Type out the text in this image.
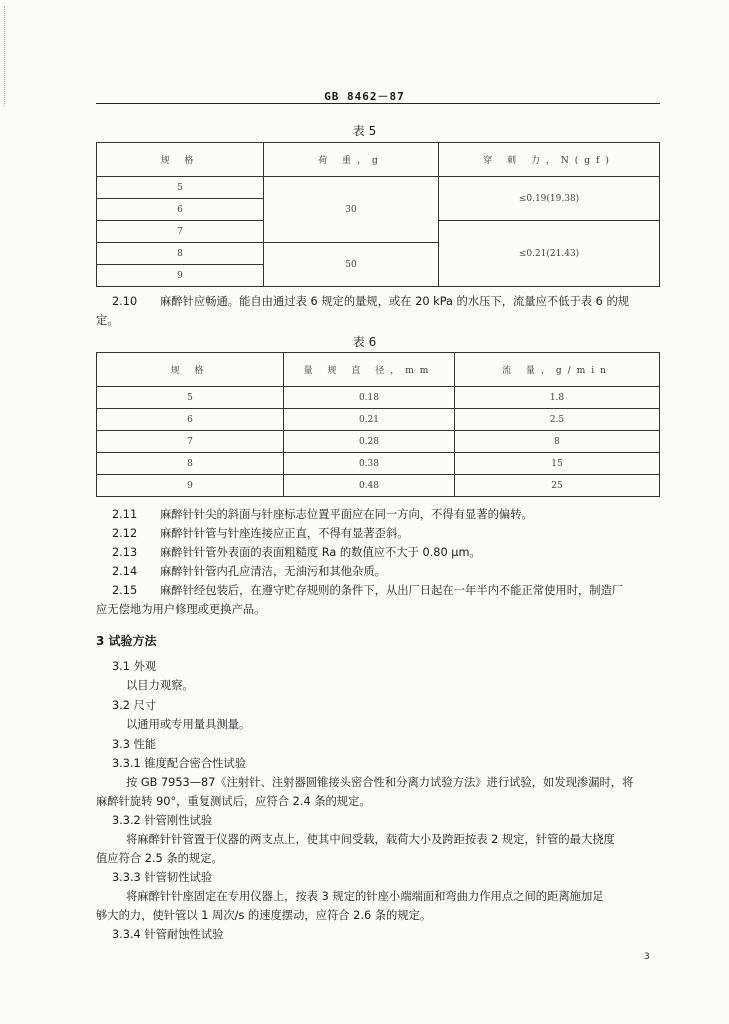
GB 8462－87
表 5
规 格	荷 重，g	穿 刺 力，N(gf)
5	30	≤0.19(19.38)
6		
7		≤0.21(21.43)
8	50	
9		
2.10 麻醉针应畅通。能自由通过表 6 规定的量规，或在 20 kPa 的水压下，流量应不低于表 6 的规
定。
表 6
规 格	量 规 直 径，mm	流 量，g/min
5	0.18	1.8
6	0.21	2.5
7	0.28	8
8	0.38	15
9	0.48	25
2.11 麻醉针针尖的斜面与针座标志位置平面应在同一方向，不得有显著的偏转。
2.12 麻醉针针管与针座连接应正直，不得有显著歪斜。
2.13 麻醉针针管外表面的表面粗糙度 Ra 的数值应不大于 0.80 μm。
2.14 麻醉针针管内孔应清洁，无油污和其他杂质。
2.15 麻醉针经包装后，在遵守贮存规则的条件下，从出厂日起在一年半内不能正常使用时，制造厂
应无偿地为用户修理或更换产品。
3 试验方法
3.1 外观
以目力观察。
3.2 尺寸
以通用或专用量具测量。
3.3 性能
3.3.1 锥度配合密合性试验
按 GB 7953—87《注射针、注射器圆锥接头密合性和分离力试验方法》进行试验，如发现渗漏时，将
麻醉针旋转 90°，重复测试后，应符合 2.4 条的规定。
3.3.2 针管刚性试验
将麻醉针针管置于仪器的两支点上，使其中间受载，载荷大小及跨距按表 2 规定，针管的最大挠度
值应符合 2.5 条的规定。
3.3.3 针管韧性试验
将麻醉针针座固定在专用仪器上，按表 3 规定的针座小端端面和弯曲力作用点之间的距离施加足
够大的力，使针管以 1 周次/s 的速度摆动，应符合 2.6 条的规定。
3.3.4 针管耐蚀性试验
3
